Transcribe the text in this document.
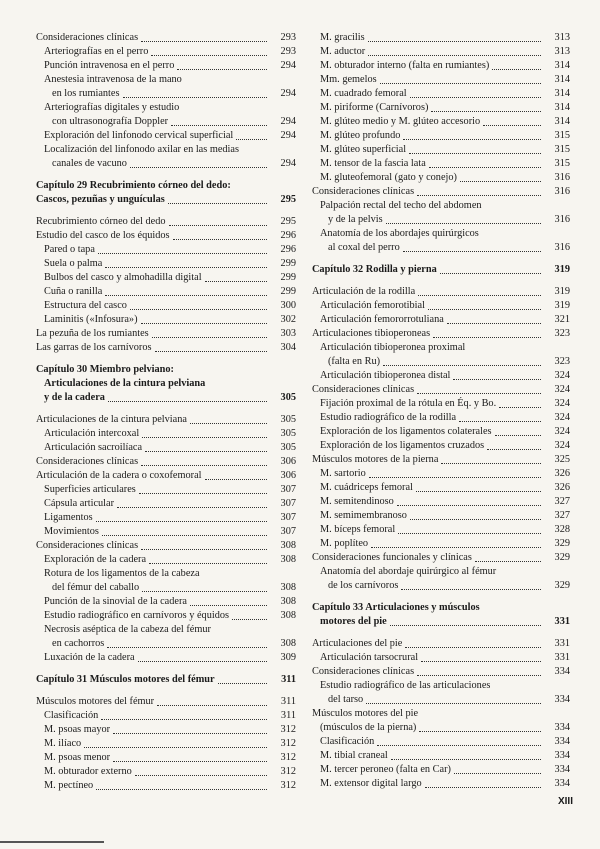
Consideraciones clínicas	293
Arteriografías en el perro	293
Punción intravenosa en el perro	294
Anestesia intravenosa de la mano
en los rumiantes	294
Arteriografías digitales y estudio
con ultrasonografía Doppler	294
Exploración del linfonodo cervical superficial	294
Localización del linfonodo axilar en las medias
canales de vacuno	294
Capítulo 29 Recubrimiento córneo del dedo:
Cascos, pezuñas y unguículas	295
Recubrimiento córneo del dedo	295
Estudio del casco de los équidos	296
Pared o tapa	296
Suela o palma	299
Bulbos del casco y almohadilla digital	299
Cuña o ranilla	299
Estructura del casco	300
Laminitis («Infosura»)	302
La pezuña de los rumiantes	303
Las garras de los carnívoros	304
Capítulo 30 Miembro pelviano:
Articulaciones de la cintura pelviana
y de la cadera	305
Articulaciones de la cintura pelviana	305
Articulación intercoxal	305
Articulación sacroilíaca	305
Consideraciones clínicas	306
Articulación de la cadera o coxofemoral	306
Superficies articulares	307
Cápsula articular	307
Ligamentos	307
Movimientos	307
Consideraciones clínicas	308
Exploración de la cadera	308
Rotura de los ligamentos de la cabeza
del fémur del caballo	308
Punción de la sinovial de la cadera	308
Estudio radiográfico en carnívoros y équidos	308
Necrosis aséptica de la cabeza del fémur
en cachorros	308
Luxación de la cadera	309
Capítulo 31 Músculos motores del fémur	311
Músculos motores del fémur	311
Clasificación	311
M. psoas mayor	312
M. ilíaco	312
M. psoas menor	312
M. obturador externo	312
M. pectíneo	312
M. gracilis	313
M. aductor	313
M. obturador interno (falta en rumiantes)	314
Mm. gemelos	314
M. cuadrado femoral	314
M. piriforme (Carnívoros)	314
M. glúteo medio y M. glúteo accesorio	314
M. glúteo profundo	315
M. glúteo superficial	315
M. tensor de la fascia lata	315
M. gluteofemoral (gato y conejo)	316
Consideraciones clínicas	316
Palpación rectal del techo del abdomen
y de la pelvis	316
Anatomía de los abordajes quirúrgicos
al coxal del perro	316
Capítulo 32 Rodilla y pierna	319
Articulación de la rodilla	319
Articulación femorotibial	319
Articulación femororrotuliana	321
Articulaciones tibioperoneas	323
Articulación tibioperonea proximal
(falta en Ru)	323
Articulación tibioperonea distal	324
Consideraciones clínicas	324
Fijación proximal de la rótula en Éq. y Bo.	324
Estudio radiográfico de la rodilla	324
Exploración de los ligamentos colaterales	324
Exploración de los ligamentos cruzados	324
Músculos motores de la pierna	325
M. sartorio	326
M. cuádriceps femoral	326
M. semitendinoso	327
M. semimembranoso	327
M. bíceps femoral	328
M. poplíteo	329
Consideraciones funcionales y clínicas	329
Anatomía del abordaje quirúrgico al fémur
de los carnívoros	329
Capítulo 33 Articulaciones y músculos
motores del pie	331
Articulaciones del pie	331
Articulación tarsocrural	331
Consideraciones clínicas	334
Estudio radiográfico de las articulaciones
del tarso	334
Músculos motores del pie
(músculos de la pierna)	334
Clasificación	334
M. tibial craneal	334
M. tercer peroneo (falta en Car)	334
M. extensor digital largo	334
XIII
